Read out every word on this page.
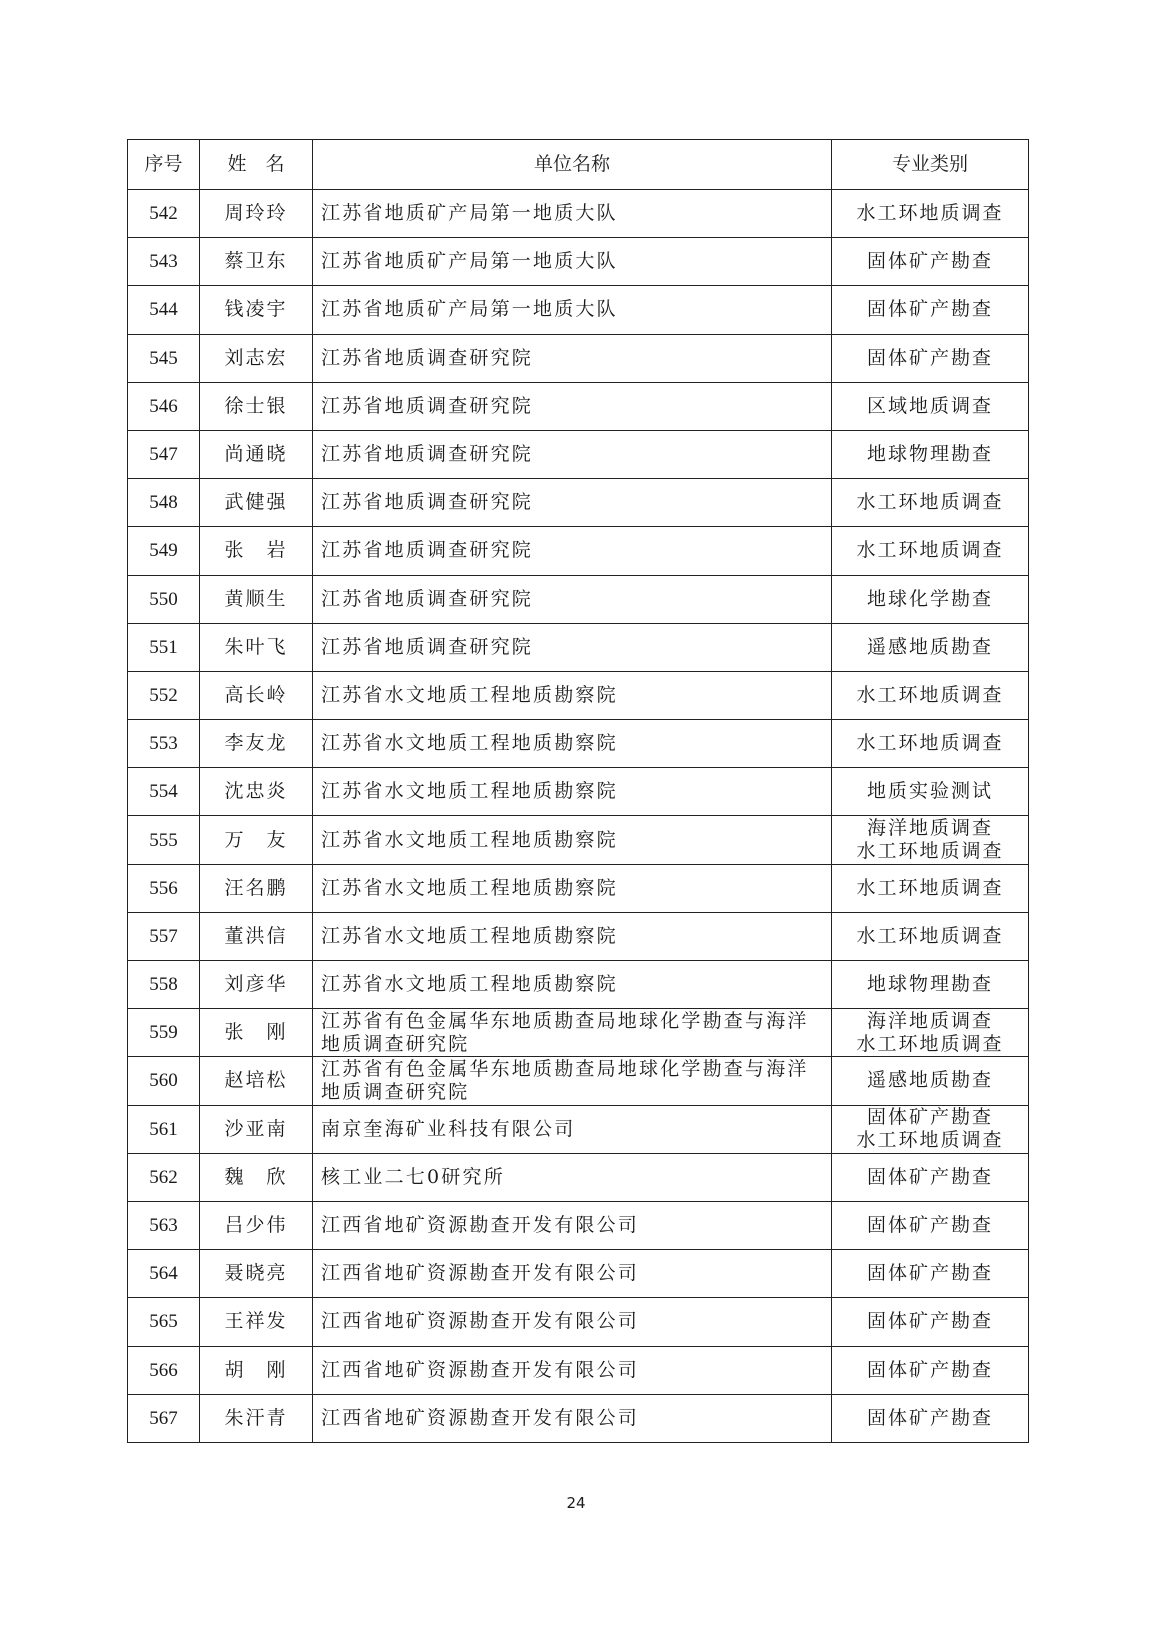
序号	姓　名	单位名称	专业类别
542	周玲玲	江苏省地质矿产局第一地质大队	水工环地质调查

543	蔡卫东	江苏省地质矿产局第一地质大队	固体矿产勘查

544	钱凌宇	江苏省地质矿产局第一地质大队	固体矿产勘查

545	刘志宏	江苏省地质调查研究院	固体矿产勘查

546	徐士银	江苏省地质调查研究院	区域地质调查

547	尚通晓	江苏省地质调查研究院	地球物理勘查

548	武健强	江苏省地质调查研究院	水工环地质调查

549	张　岩	江苏省地质调查研究院	水工环地质调查

550	黄顺生	江苏省地质调查研究院	地球化学勘查

551	朱叶飞	江苏省地质调查研究院	遥感地质勘查

552	高长岭	江苏省水文地质工程地质勘察院	水工环地质调查

553	李友龙	江苏省水文地质工程地质勘察院	水工环地质调查

554	沈忠炎	江苏省水文地质工程地质勘察院	地质实验测试

555	万　友	江苏省水文地质工程地质勘察院	海洋地质调查
水工环地质调查

556	汪名鹏	江苏省水文地质工程地质勘察院	水工环地质调查

557	董洪信	江苏省水文地质工程地质勘察院	水工环地质调查

558	刘彦华	江苏省水文地质工程地质勘察院	地球物理勘查

559	张　刚	江苏省有色金属华东地质勘查局地球化学勘查与海洋地质调查研究院	海洋地质调查
水工环地质调查

560	赵培松	江苏省有色金属华东地质勘查局地球化学勘查与海洋地质调查研究院	遥感地质勘查

561	沙亚南	南京奎海矿业科技有限公司	固体矿产勘查
水工环地质调查

562	魏　欣	核工业二七0研究所	固体矿产勘查

563	吕少伟	江西省地矿资源勘查开发有限公司	固体矿产勘查

564	聂晓亮	江西省地矿资源勘查开发有限公司	固体矿产勘查

565	王祥发	江西省地矿资源勘查开发有限公司	固体矿产勘查

566	胡　刚	江西省地矿资源勘查开发有限公司	固体矿产勘查

567	朱汗青	江西省地矿资源勘查开发有限公司	固体矿产勘查
24
